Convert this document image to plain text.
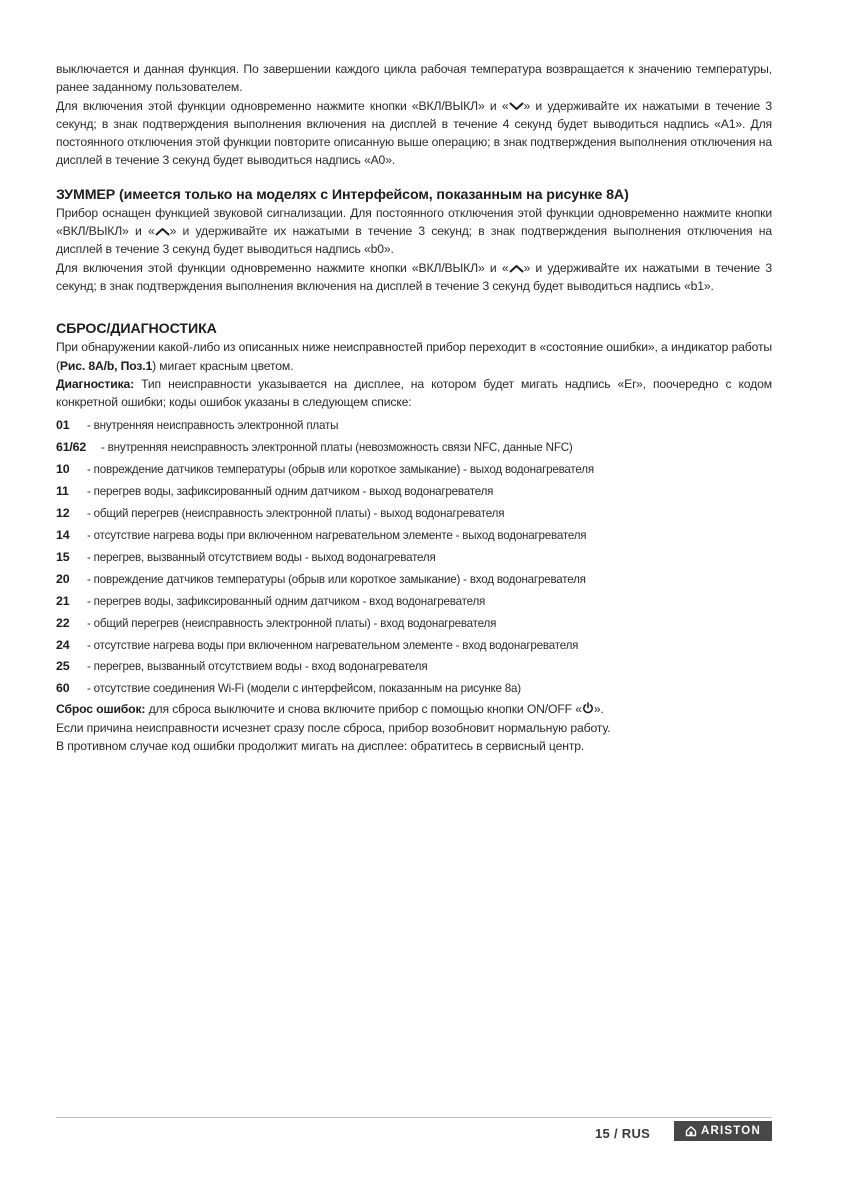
выключается и данная функция. По завершении каждого цикла рабочая температура возвращается к значению температуры, ранее заданному пользователем.

Для включения этой функции одновременно нажмите кнопки «ВКЛ/ВЫКЛ» и « » и удерживайте их нажатыми в течение 3 секунд; в знак подтверждения выполнения включения на дисплей в течение 4 секунд будет выводиться надпись «A1». Для постоянного отключения этой функции повторите описанную выше операцию; в знак подтверждения выполнения отключения на дисплей в течение 3 секунд будет выводиться надпись «A0».

ЗУММЕР (имеется только на моделях с Интерфейсом, показанным на рисунке 8A)

Прибор оснащен функцией звуковой сигнализации. Для постоянного отключения этой функции одновременно нажмите кнопки «ВКЛ/ВЫКЛ» и « » и удерживайте их нажатыми в течение 3 секунд; в знак подтверждения выполнения отключения на дисплей в течение 3 секунд будет выводиться надпись «b0».

Для включения этой функции одновременно нажмите кнопки «ВКЛ/ВЫКЛ» и « » и удерживайте их нажатыми в течение 3 секунд; в знак подтверждения выполнения включения на дисплей в течение 3 секунд будет выводиться надпись «b1».

СБРОС/ДИАГНОСТИКА

При обнаружении какой-либо из описанных ниже неисправностей прибор переходит в «состояние ошибки», а индикатор работы (Рис. 8A/b, Поз.1) мигает красным цветом.

Диагностика: Тип неисправности указывается на дисплее, на котором будет мигать надпись «Er», поочередно с кодом конкретной ошибки; коды ошибок указаны в следующем списке:

01	- внутренняя неисправность электронной платы
61/62	- внутренняя неисправность электронной платы (невозможность связи NFC, данные NFC)
10	- повреждение датчиков температуры (обрыв или короткое замыкание) - выход водонагревателя
11	- перегрев воды, зафиксированный одним датчиком - выход водонагревателя
12	- общий перегрев (неисправность электронной платы) - выход водонагревателя
14	- отсутствие нагрева воды при включенном нагревательном элементе - выход водонагревателя
15	- перегрев, вызванный отсутствием воды - выход водонагревателя
20	- повреждение датчиков температуры (обрыв или короткое замыкание) - вход водонагревателя
21	- перегрев воды, зафиксированный одним датчиком - вход водонагревателя
22	- общий перегрев (неисправность электронной платы) - вход водонагревателя
24	- отсутствие нагрева воды при включенном нагревательном элементе - вход водонагревателя
25	- перегрев, вызванный отсутствием воды - вход водонагревателя
60	- отсутствие соединения Wi-Fi (модели с интерфейсом, показанным на рисунке 8a)

Сброс ошибок: для сброса выключите и снова включите прибор с помощью кнопки ON/OFF « ».

Если причина неисправности исчезнет сразу после сброса, прибор возобновит нормальную работу.

В противном случае код ошибки продолжит мигать на дисплее: обратитесь в сервисный центр.

15 / RUS	ARISTON
